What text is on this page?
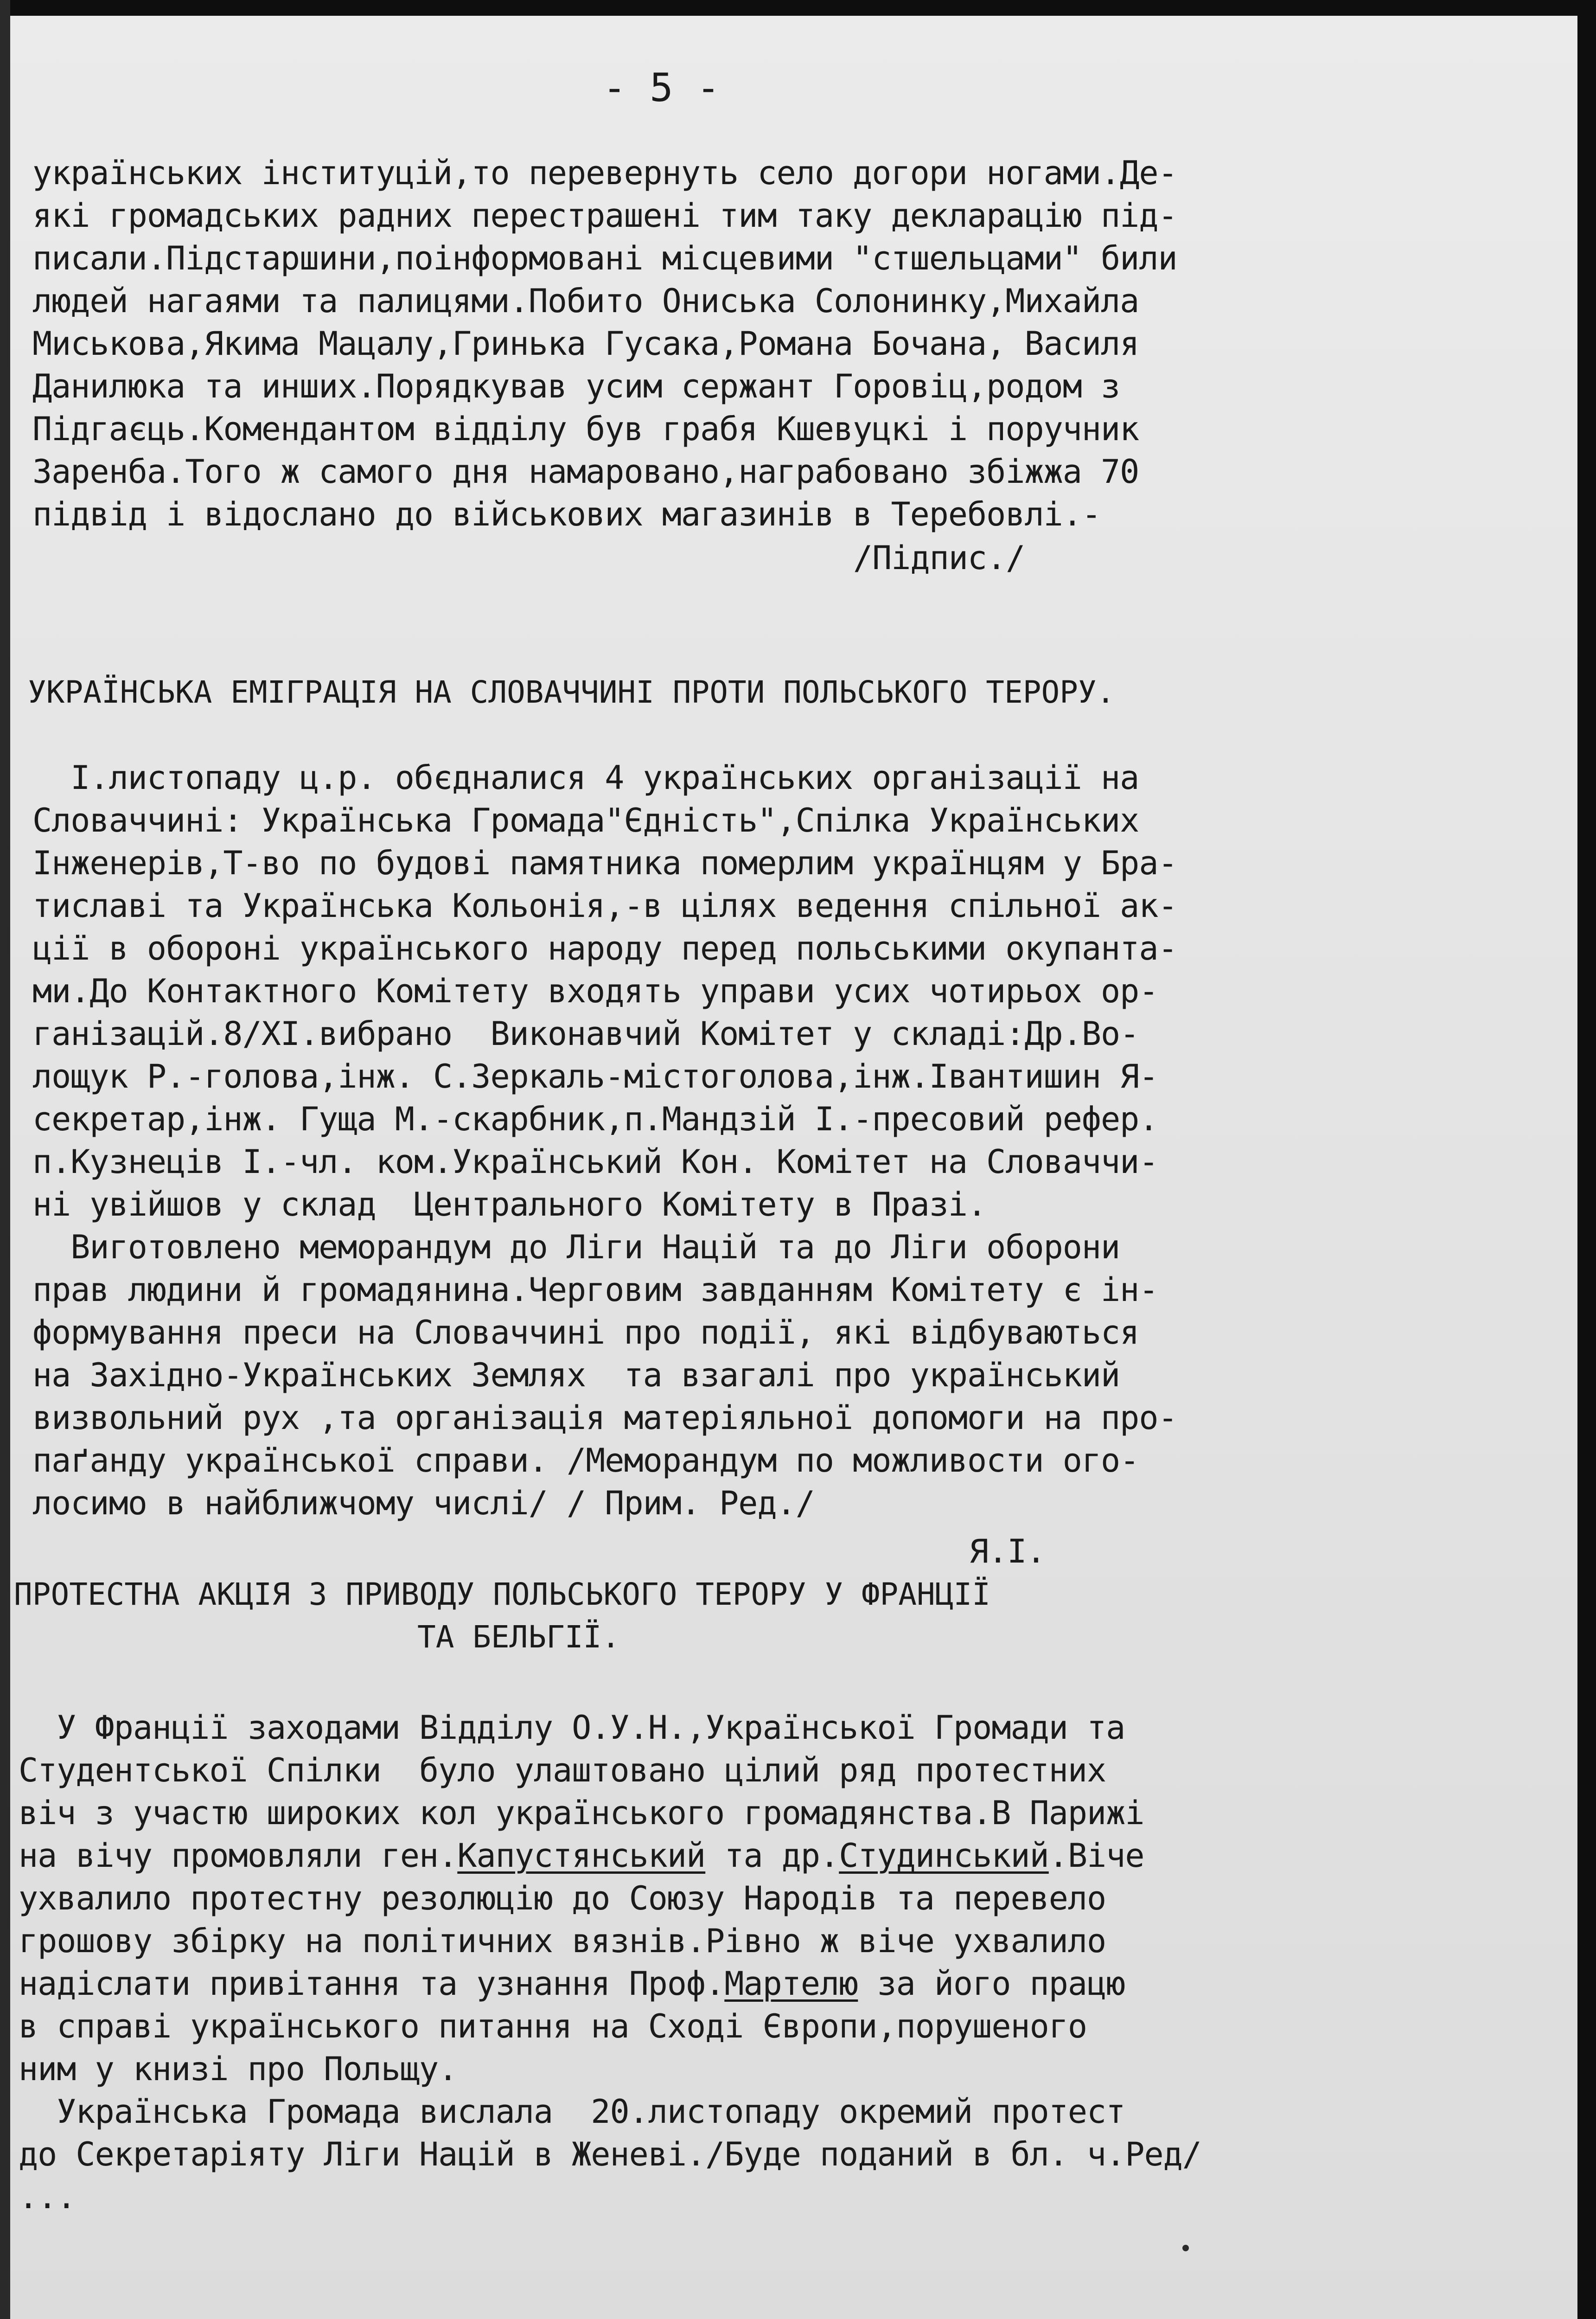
- 5 -
українських інституцій,то перевернуть село догори ногами.Де-
які громадських радних перестрашені тим таку декларацію під-
писали.Підстаршини,поінформовані місцевими "стшельцами" били
людей нагаями та палицями.Побито Ониська Солонинку,Михайла
Миськова,Якима Мацалу,Гринька Гусака,Романа Бочана, Василя
Данилюка та инших.Порядкував усим сержант Горовіц,родом з
Підгаєць.Комендантом відділу був грабя Кшевуцкі і поручник
Заренба.Того ж самого дня намаровано,награбовано збіжжа 70
підвід і відослано до військових магазинів в Теребовлі.-
/Підпис./
УКРАЇНСЬКА ЕМІГРАЦІЯ НА СЛОВАЧЧИНІ ПРОТИ ПОЛЬСЬКОГО ТЕРОРУ.
І.листопаду ц.р. обєдналися 4 українських організації на
Словаччині: Українська Громада"Єдність",Спілка Українських
Інженерів,Т-во по будові памятника померлим українцям у Бра-
тиславі та Українська Кольонія,-в цілях ведення спільної ак-
ції в обороні українського народу перед польськими окупанта-
ми.До Контактного Комітету входять управи усих чотирьох ор-
ганізацій.8/ХІ.вибрано  Виконавчий Комітет у складі:Др.Во-
лощук Р.-голова,інж. С.Зеркаль-містоголова,інж.Івантишин Я-
секретар,інж. Гуща М.-скарбник,п.Мандзій І.-пресовий рефер.
п.Кузнеців І.-чл. ком.Український Кон. Комітет на Словаччи-
ні увійшов у склад  Центрального Комітету в Празі.
Виготовлено меморандум до Ліги Націй та до Ліги оборони
прав людини й громадянина.Черговим завданням Комітету є ін-
формування преси на Словаччині про події, які відбуваються
на Західно-Українських Землях  та взагалі про український
визвольний рух ,та організація матеріяльної допомоги на про-
паґанду української справи. /Меморандум по можливости ого-
лосимо в найближчому числі/ / Прим. Ред./
Я.І.
ПРОТЕСТНА АКЦІЯ З ПРИВОДУ ПОЛЬСЬКОГО ТЕРОРУ У ФРАНЦІЇ
ТА БЕЛЬГІЇ.
У Франції заходами Відділу О.У.Н.,Української Громади та
Студентської Спілки  було улаштовано цілий ряд протестних
віч з участю широких кол українського громадянства.В Парижі
на вічу промовляли ген.Капустянський та др.Студинський.Віче
ухвалило протестну резолюцію до Союзу Народів та перевело
грошову збірку на політичних вязнів.Рівно ж віче ухвалило
надіслати привітання та узнання Проф.Мартелю за його працю
в справі українського питання на Сході Європи,порушеного
ним у книзі про Польщу.
Українська Громада вислала  20.листопаду окремий протест
до Секретаріяту Ліги Націй в Женеві./Буде поданий в бл. ч.Ред/
...
